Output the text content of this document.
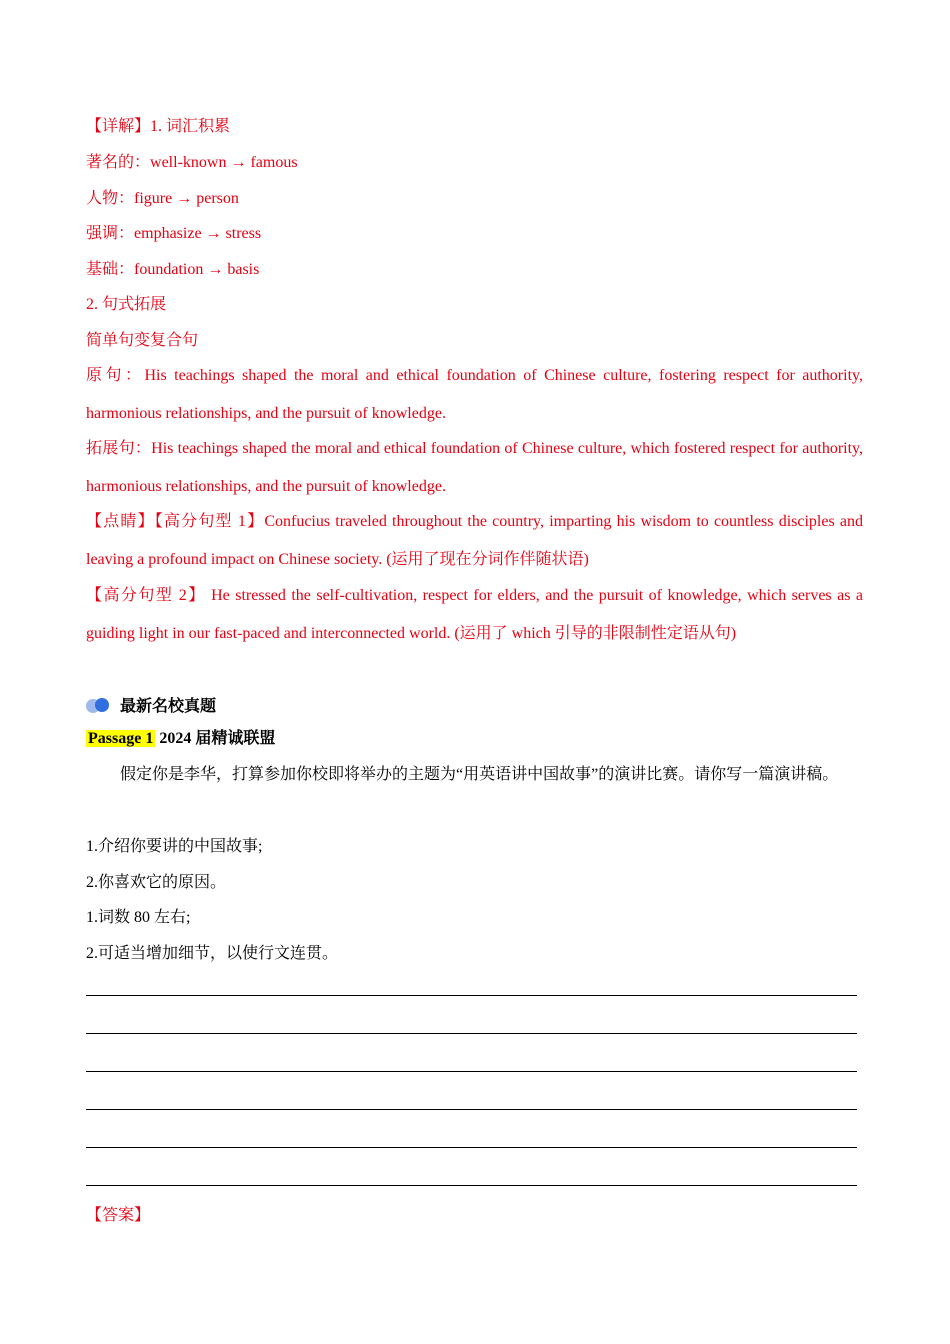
【详解】1. 词汇积累

著名的：well-known → famous

人物：figure → person

强调：emphasize → stress

基础：foundation → basis

2. 句式拓展

简单句变复合句

原句：His teachings shaped the moral and ethical foundation of Chinese culture, fostering respect for authority, harmonious relationships, and the pursuit of knowledge.

拓展句：His teachings shaped the moral and ethical foundation of Chinese culture, which fostered respect for authority, harmonious relationships, and the pursuit of knowledge.

【点睛】【高分句型 1】Confucius traveled throughout the country, imparting his wisdom to countless disciples and leaving a profound impact on Chinese society. (运用了现在分词作伴随状语)

【高分句型 2】 He stressed the self-cultivation, respect for elders, and the pursuit of knowledge, which serves as a guiding light in our fast-paced and interconnected world. (运用了 which 引导的非限制性定语从句)

最新名校真题

Passage 1 2024 届精诚联盟

假定你是李华，打算参加你校即将举办的主题为“用英语讲中国故事”的演讲比赛。请你写一篇演讲稿。

1.介绍你要讲的中国故事;

2.你喜欢它的原因。

1.词数 80 左右;

2.可适当增加细节，以使行文连贯。

【答案】
